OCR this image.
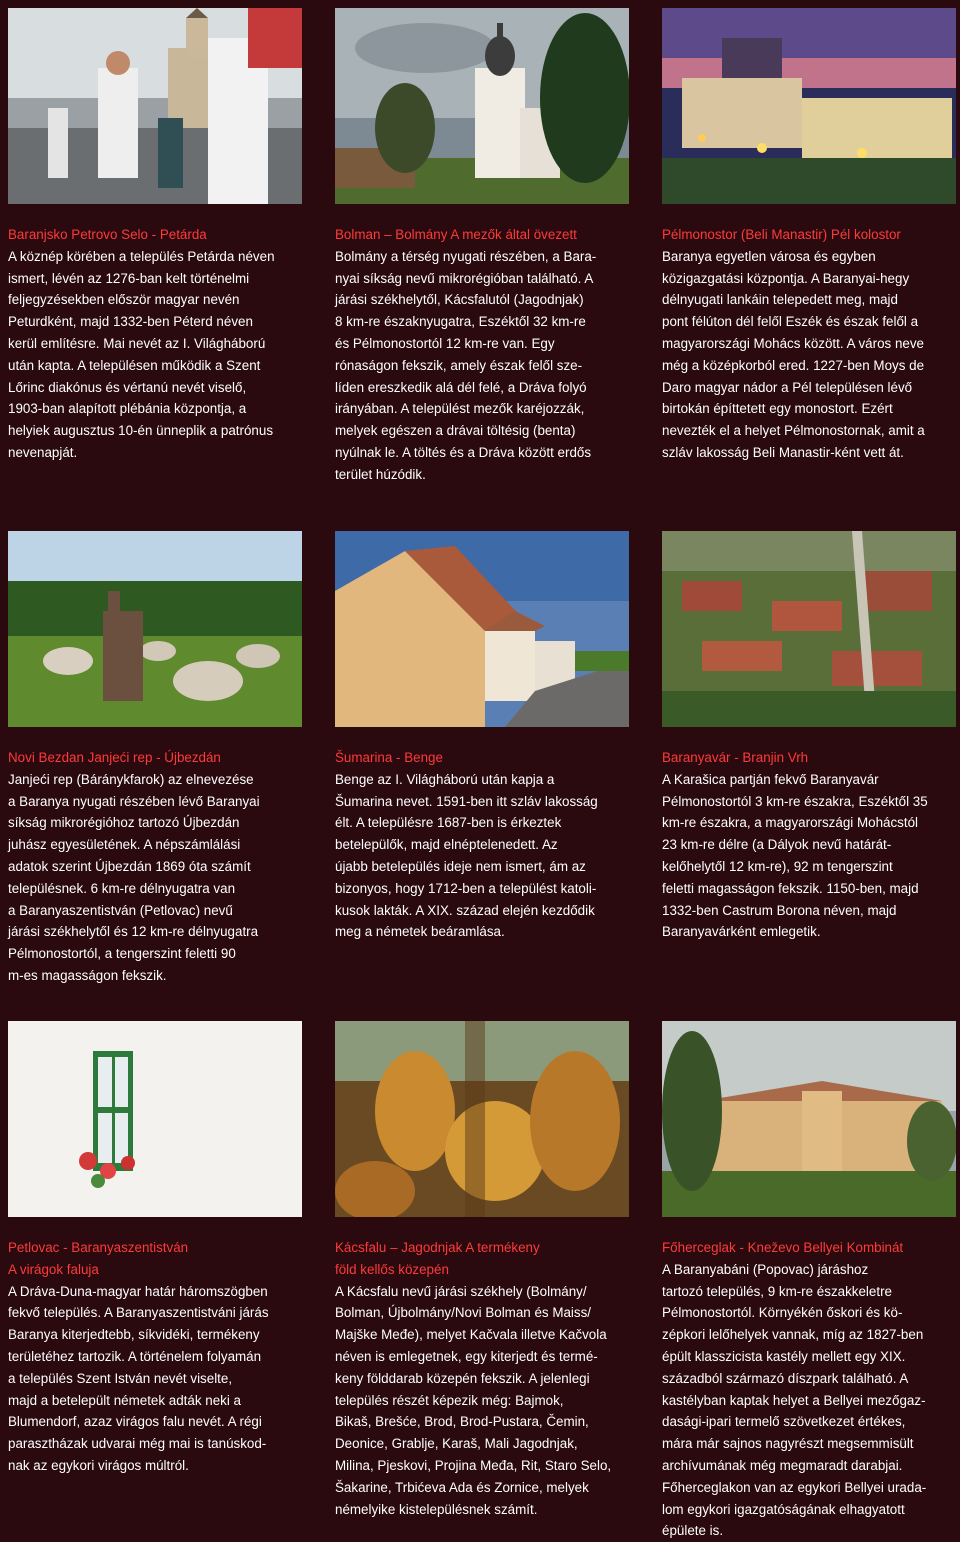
Baranjsko Petrovo Selo - Petárda
A köznép körében a település Petárda néven
ismert, lévén az 1276-ban kelt történelmi
feljegyzésekben először magyar nevén
Peturdként, majd 1332-ben Péterd néven
kerül említésre. Mai nevét az I. Világháború
után kapta. A településen működik a Szent
Lőrinc diakónus és vértanú nevét viselő,
1903-ban alapított plébánia központja, a
helyiek augusztus 10-én ünneplik a patrónus
nevenapját.
Bolman – Bolmány A mezők által övezett
Bolmány a térség nyugati részében, a Bara-
nyai síkság nevű mikrorégióban található. A
járási székhelytől, Kácsfalutól (Jagodnjak)
8 km-re északnyugatra, Eszéktől 32 km-re
és Pélmonostortól 12 km-re van. Egy
rónaságon fekszik, amely észak felől sze-
líden ereszkedik alá dél felé, a Dráva folyó
irányában. A települést mezők karéjozzák,
melyek egészen a drávai töltésig (benta)
nyúlnak le. A töltés és a Dráva között erdős
terület húzódik.
Pélmonostor (Beli Manastir) Pél kolostor
Baranya egyetlen városa és egyben
közigazgatási központja. A Baranyai-hegy
délnyugati lankáin telepedett meg, majd
pont félúton dél felől Eszék és észak felől a
magyarországi Mohács között. A város neve
még a középkorból ered. 1227-ben Moys de
Daro magyar nádor a Pél településen lévő
birtokán építtetett egy monostort. Ezért
nevezték el a helyet Pélmonostornak, amit a
szláv lakosság Beli Manastir-ként vett át.
Novi Bezdan Janjeći rep - Újbezdán
Janjeći rep (Báránykfarok) az elnevezése
a Baranya nyugati részében lévő Baranyai
síkság mikrorégióhoz tartozó Újbezdán
juhász egyesületének. A népszámlálási
adatok szerint Újbezdán 1869 óta számít
településnek. 6 km-re délnyugatra van
a Baranyaszentistván (Petlovac) nevű
járási székhelytől és 12 km-re délnyugatra
Pélmonostortól, a tengerszint feletti 90
m-es magasságon fekszik.
Šumarina - Benge
Benge az I. Világháború után kapja a
Šumarina nevet. 1591-ben itt szláv lakosság
élt. A településre 1687-ben is érkeztek
betelepülők, majd elnéptelenedett. Az
újabb betelepülés ideje nem ismert, ám az
bizonyos, hogy 1712-ben a települést katoli-
kusok lakták. A XIX. század elején kezdődik
meg a németek beáramlása.
Baranyavár - Branjin Vrh
A Karašica partján fekvő Baranyavár
Pélmonostortól 3 km-re északra, Eszéktől 35
km-re északra, a magyarországi Mohácstól
23 km-re délre (a Dályok nevű határát-
kelőhelytől 12 km-re), 92 m tengerszint
feletti magasságon fekszik. 1150-ben, majd
1332-ben Castrum Borona néven, majd
Baranyavárként emlegetik.
Petlovac - Baranyaszentistván
A virágok faluja
A Dráva-Duna-magyar határ háromszögben
fekvő település. A Baranyaszentistváni járás
Baranya kiterjedtebb, síkvidéki, termékeny
területéhez tartozik. A történelem folyamán
a település Szent István nevét viselte,
majd a betelepült németek adták neki a
Blumendorf, azaz virágos falu nevét. A régi
parasztházak udvarai még mai is tanúskod-
nak az egykori virágos múltról.
Kácsfalu – Jagodnjak A termékeny
föld kellős közepén
A Kácsfalu nevű járási székhely (Bolmány/
Bolman, Újbolmány/Novi Bolman és Maiss/
Majške Međe), melyet Kačvala illetve Kačvola
néven is emlegetnek, egy kiterjedt és termé-
keny földdarab közepén fekszik. A jelenlegi
település részét képezik még: Bajmok,
Bikaš, Brešće, Brod, Brod-Pustara, Čemin,
Deonice, Grablje, Karaš, Mali Jagodnjak,
Milina, Pjeskovi, Projina Međa, Rit, Staro Selo,
Šakarine, Trbićeva Ada és Zornice, melyek
némelyike kistelepülésnek számít.
Főherceglak - Kneževo Bellyei Kombinát
A Baranyabáni (Popovac) járáshoz
tartozó település, 9 km-re északkeletre
Pélmonostortól. Környékén őskori és kö-
zépkori lelőhelyek vannak, míg az 1827-ben
épült klasszicista kastély mellett egy XIX.
századból származó díszpark található. A
kastélyban kaptak helyet a Bellyei mezőgaz-
dasági-ipari termelő szövetkezet értékes,
mára már sajnos nagyrészt megsemmisült
archívumának még megmaradt darabjai.
Főherceglakon van az egykori Bellyei urada-
lom egykori igazgatóságának elhagyatott
épülete is.
